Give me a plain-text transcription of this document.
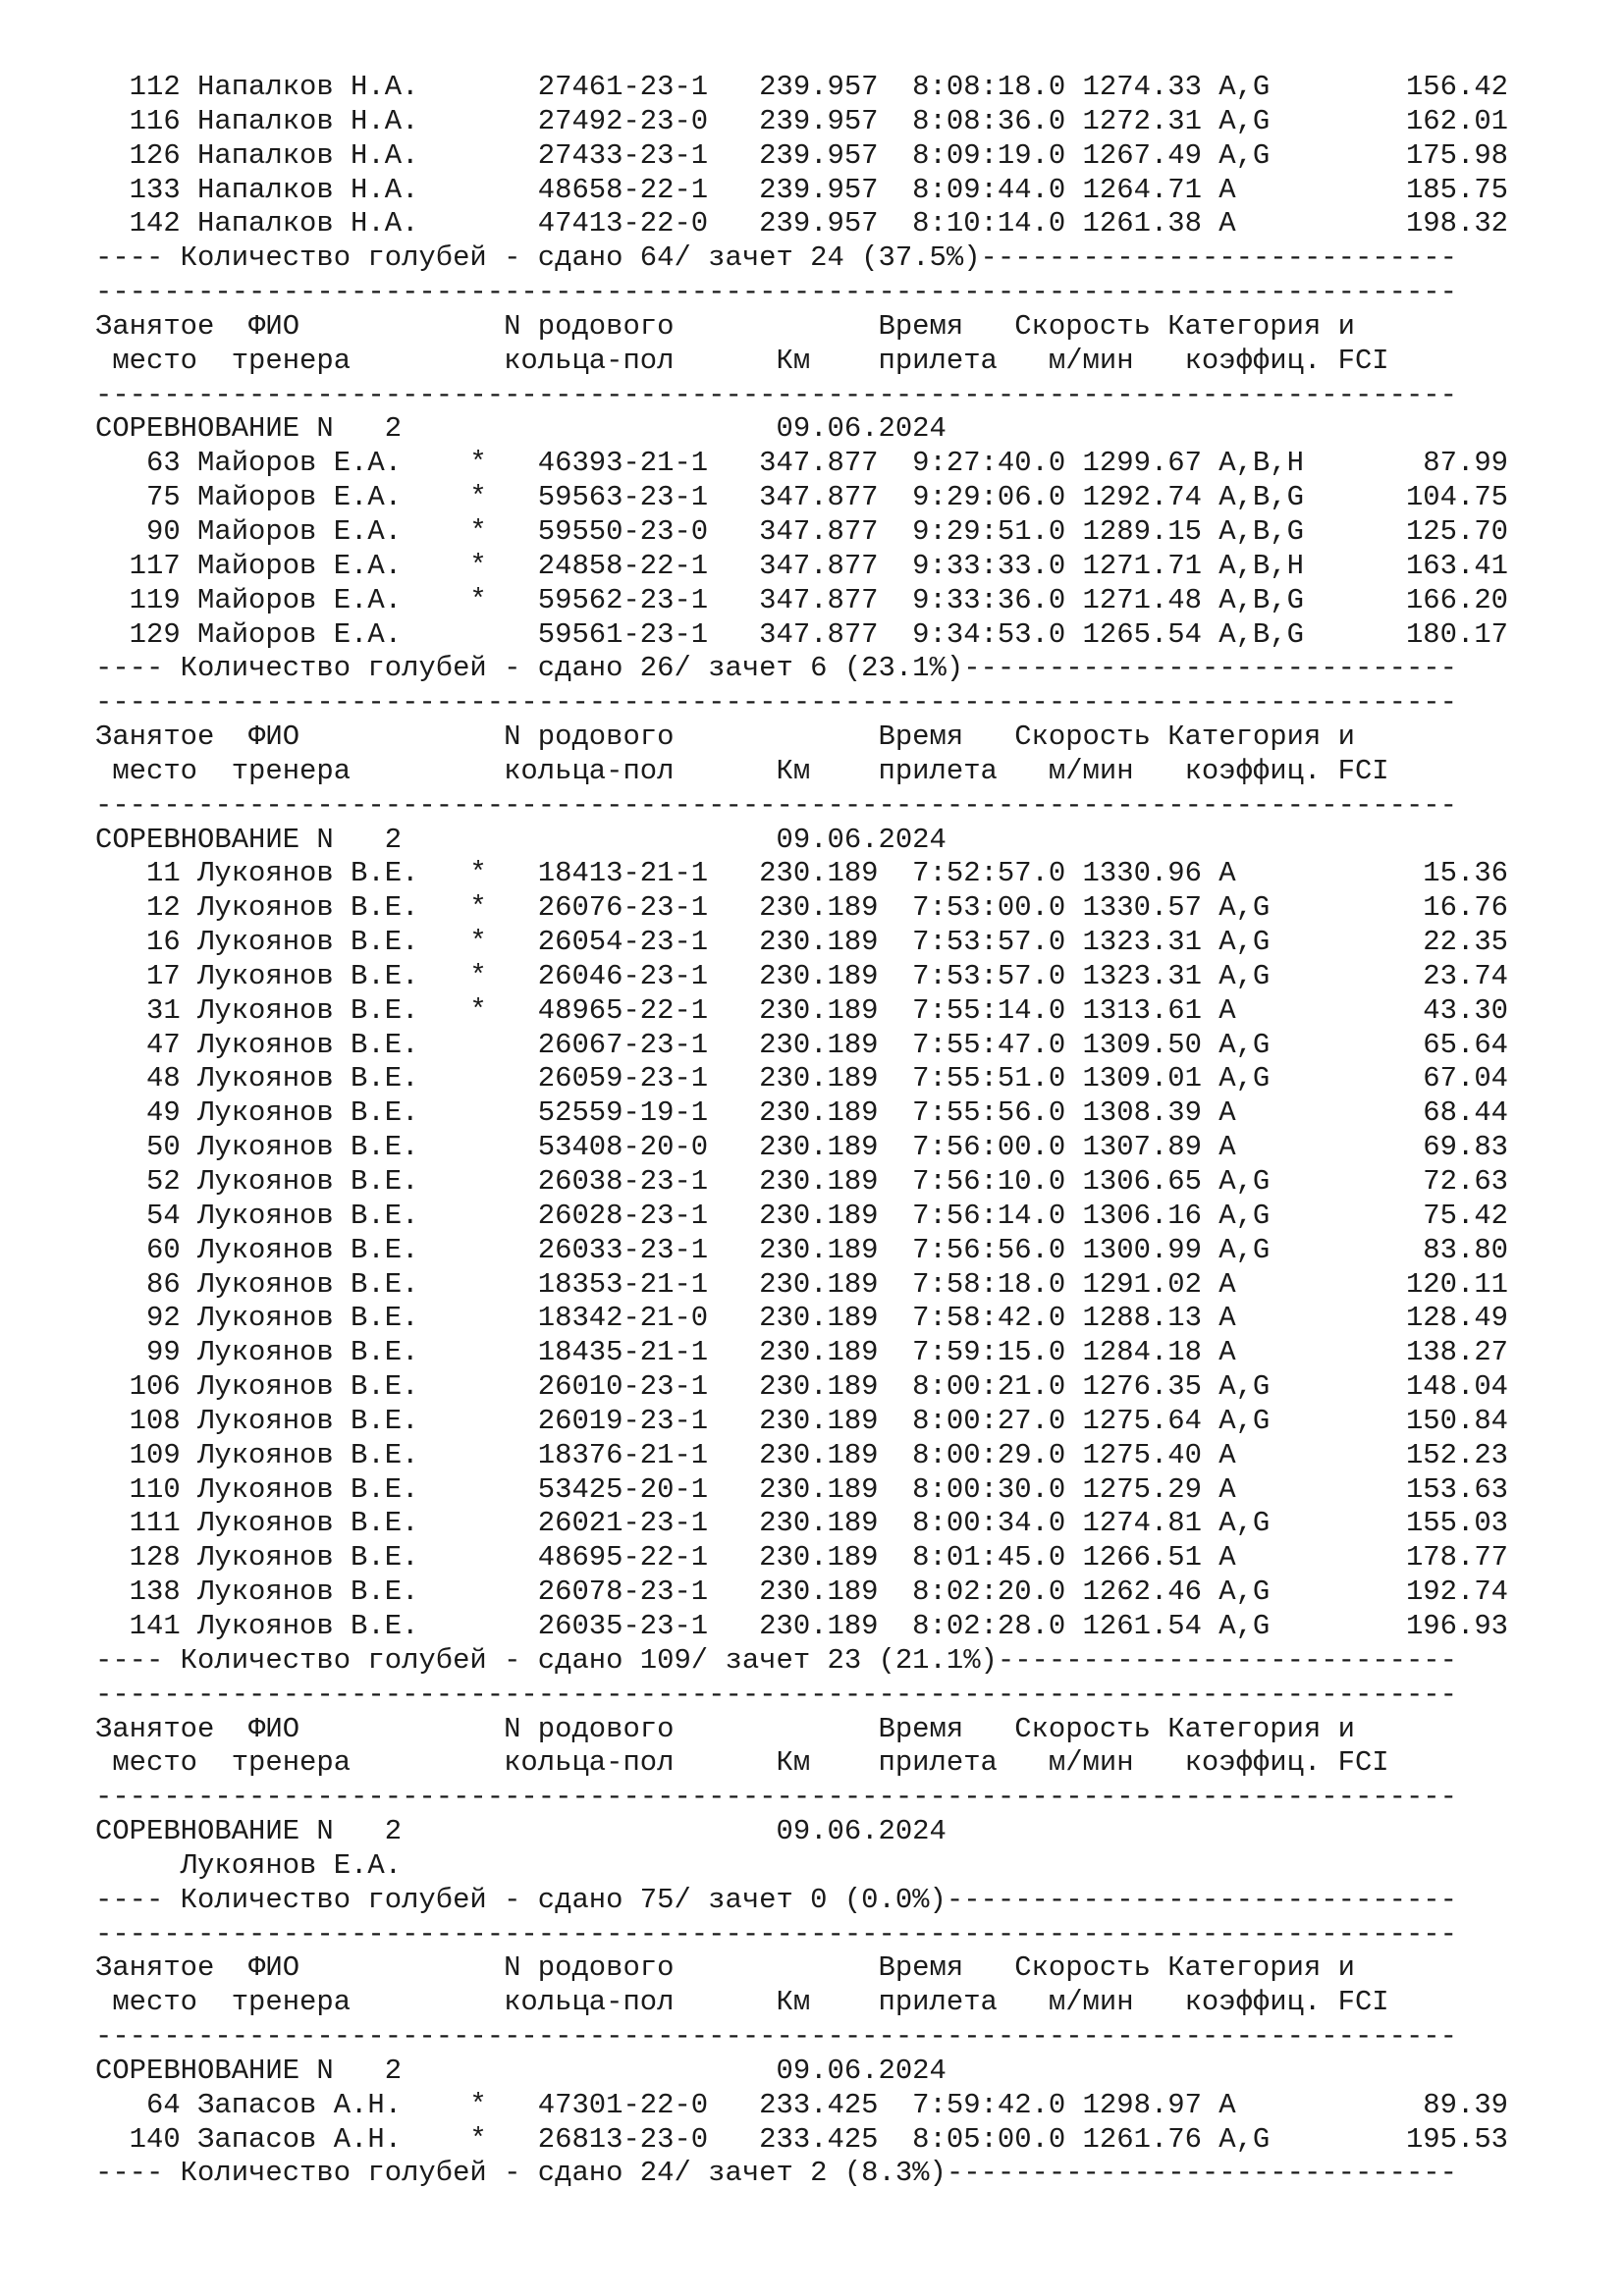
112 Напалков Н.А.       27461-23-1   239.957  8:08:18.0 1274.33 A,G        156.42
116 Напалков Н.А.       27492-23-0   239.957  8:08:36.0 1272.31 A,G        162.01
126 Напалков Н.А.       27433-23-1   239.957  8:09:19.0 1267.49 A,G        175.98
133 Напалков Н.А.       48658-22-1   239.957  8:09:44.0 1264.71 A          185.75
142 Напалков Н.А.       47413-22-0   239.957  8:10:14.0 1261.38 A          198.32
---- Количество голубей - сдано 64/ зачет 24 (37.5%)----------------------------
--------------------------------------------------------------------------------
Занятое  ФИО            N родового            Время   Скорость Категория и
место  тренера         кольца-пол      Км    прилета   м/мин   коэффиц. FCI
--------------------------------------------------------------------------------
СОРЕВНОВАНИЕ N   2                      09.06.2024
63 Майоров Е.А.    *   46393-21-1   347.877  9:27:40.0 1299.67 A,B,H       87.99
75 Майоров Е.А.    *   59563-23-1   347.877  9:29:06.0 1292.74 A,B,G      104.75
90 Майоров Е.А.    *   59550-23-0   347.877  9:29:51.0 1289.15 A,B,G      125.70
117 Майоров Е.А.    *   24858-22-1   347.877  9:33:33.0 1271.71 A,B,H      163.41
119 Майоров Е.А.    *   59562-23-1   347.877  9:33:36.0 1271.48 A,B,G      166.20
129 Майоров Е.А.        59561-23-1   347.877  9:34:53.0 1265.54 A,B,G      180.17
---- Количество голубей - сдано 26/ зачет 6 (23.1%)-----------------------------
--------------------------------------------------------------------------------
Занятое  ФИО            N родового            Время   Скорость Категория и
место  тренера         кольца-пол      Км    прилета   м/мин   коэффиц. FCI
--------------------------------------------------------------------------------
СОРЕВНОВАНИЕ N   2                      09.06.2024
11 Лукоянов В.Е.   *   18413-21-1   230.189  7:52:57.0 1330.96 A           15.36
12 Лукоянов В.Е.   *   26076-23-1   230.189  7:53:00.0 1330.57 A,G         16.76
16 Лукоянов В.Е.   *   26054-23-1   230.189  7:53:57.0 1323.31 A,G         22.35
17 Лукоянов В.Е.   *   26046-23-1   230.189  7:53:57.0 1323.31 A,G         23.74
31 Лукоянов В.Е.   *   48965-22-1   230.189  7:55:14.0 1313.61 A           43.30
47 Лукоянов В.Е.       26067-23-1   230.189  7:55:47.0 1309.50 A,G         65.64
48 Лукоянов В.Е.       26059-23-1   230.189  7:55:51.0 1309.01 A,G         67.04
49 Лукоянов В.Е.       52559-19-1   230.189  7:55:56.0 1308.39 A           68.44
50 Лукоянов В.Е.       53408-20-0   230.189  7:56:00.0 1307.89 A           69.83
52 Лукоянов В.Е.       26038-23-1   230.189  7:56:10.0 1306.65 A,G         72.63
54 Лукоянов В.Е.       26028-23-1   230.189  7:56:14.0 1306.16 A,G         75.42
60 Лукоянов В.Е.       26033-23-1   230.189  7:56:56.0 1300.99 A,G         83.80
86 Лукоянов В.Е.       18353-21-1   230.189  7:58:18.0 1291.02 A          120.11
92 Лукоянов В.Е.       18342-21-0   230.189  7:58:42.0 1288.13 A          128.49
99 Лукоянов В.Е.       18435-21-1   230.189  7:59:15.0 1284.18 A          138.27
106 Лукоянов В.Е.       26010-23-1   230.189  8:00:21.0 1276.35 A,G        148.04
108 Лукоянов В.Е.       26019-23-1   230.189  8:00:27.0 1275.64 A,G        150.84
109 Лукоянов В.Е.       18376-21-1   230.189  8:00:29.0 1275.40 A          152.23
110 Лукоянов В.Е.       53425-20-1   230.189  8:00:30.0 1275.29 A          153.63
111 Лукоянов В.Е.       26021-23-1   230.189  8:00:34.0 1274.81 A,G        155.03
128 Лукоянов В.Е.       48695-22-1   230.189  8:01:45.0 1266.51 A          178.77
138 Лукоянов В.Е.       26078-23-1   230.189  8:02:20.0 1262.46 A,G        192.74
141 Лукоянов В.Е.       26035-23-1   230.189  8:02:28.0 1261.54 A,G        196.93
---- Количество голубей - сдано 109/ зачет 23 (21.1%)---------------------------
--------------------------------------------------------------------------------
Занятое  ФИО            N родового            Время   Скорость Категория и
место  тренера         кольца-пол      Км    прилета   м/мин   коэффиц. FCI
--------------------------------------------------------------------------------
СОРЕВНОВАНИЕ N   2                      09.06.2024
Лукоянов Е.А.
---- Количество голубей - сдано 75/ зачет 0 (0.0%)------------------------------
--------------------------------------------------------------------------------
Занятое  ФИО            N родового            Время   Скорость Категория и
место  тренера         кольца-пол      Км    прилета   м/мин   коэффиц. FCI
--------------------------------------------------------------------------------
СОРЕВНОВАНИЕ N   2                      09.06.2024
64 Запасов А.Н.    *   47301-22-0   233.425  7:59:42.0 1298.97 A           89.39
140 Запасов А.Н.    *   26813-23-0   233.425  8:05:00.0 1261.76 A,G        195.53
---- Количество голубей - сдано 24/ зачет 2 (8.3%)------------------------------
